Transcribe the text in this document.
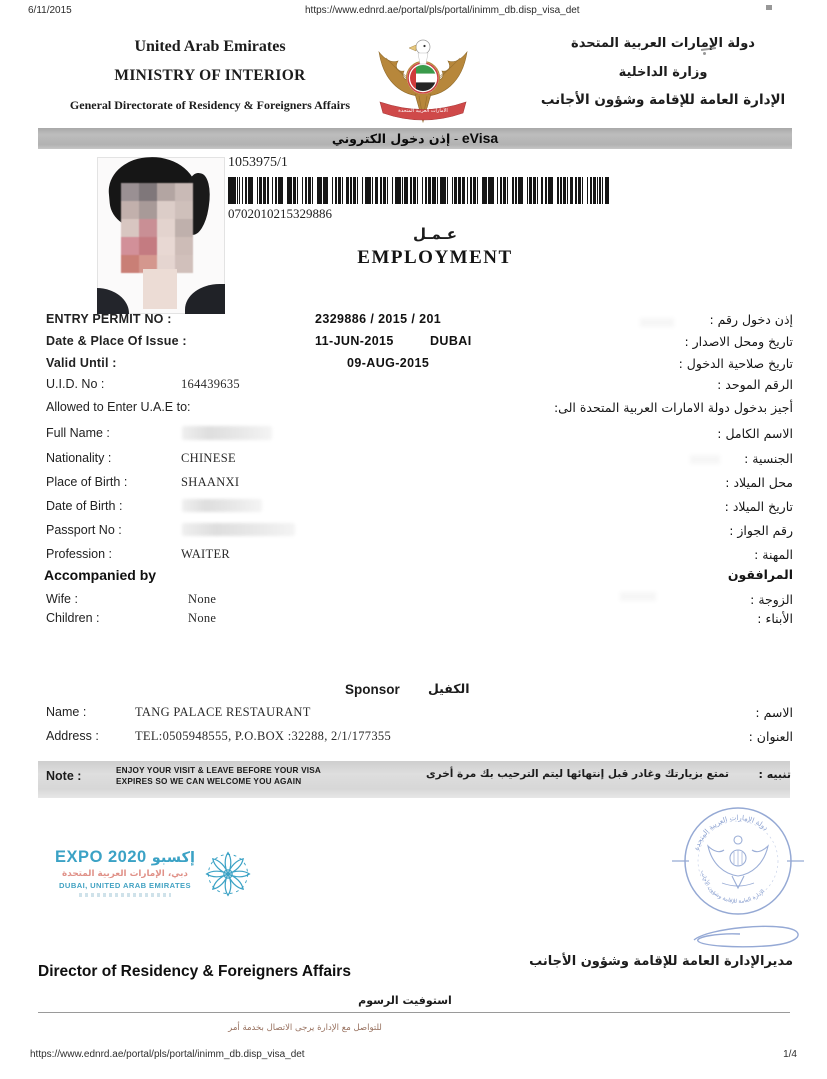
6/11/2015	https://www.ednrd.ae/portal/pls/portal/inimm_db.disp_visa_det
United Arab Emirates
MINISTRY OF INTERIOR
General Directorate of Residency & Foreigners Affairs
دولة الإمارات العربية المتحدة
وزارة الداخلية
الإدارة العامة للإقامة وشؤون الأجانب
الامارات العربية المتحدة
إذن دخول الكتروني - eVisa
1053975/1
0702010215329886
عـمـل
EMPLOYMENT
ENTRY PERMIT NO :	2329886 / 2015 / 201	إذن دخول رقم :
Date & Place Of Issue :	11-JUN-2015	DUBAI	تاريخ ومحل الاصدار :
Valid Until :	09-AUG-2015	تاريخ صلاحية الدخول :
U.I.D. No :	164439635	الرقم الموحد :
Allowed to Enter U.A.E to:	أجيز بدخول دولة الامارات العربية المتحدة الى:
Full Name :	الاسم الكامل :
Nationality :	CHINESE	الجنسية :
Place of Birth :	SHAANXI	محل الميلاد :
Date of Birth :	تاريخ الميلاد :
Passport No :	رقم الجواز :
Profession :	WAITER	المهنة :
Accompanied by	المرافقون
Wife :	None	الزوجة :
Children :	None	الأبناء :
Sponsor الكفيل
Name :	TANG PALACE RESTAURANT	الاسم :
Address :	TEL:0505948555, P.O.BOX :32288, 2/1/177355	العنوان :
Note :	ENJOY YOUR VISIT & LEAVE BEFORE YOUR VISA
EXPIRES SO WE CAN WELCOME YOU AGAIN
تمتع بزيارتك وغادر قبل إنتهائها ليتم الترحيب بك مرة أخرى	تنبيه :
EXPO 2020 إكسبو
دبي، الإمارات العربية المتحدة
DUBAI, UNITED ARAB EMIRATES
دولة الإمارات العربية المتحدة
الإدارة العامة للإقامة وشؤون الأجانب
Director of Residency & Foreigners Affairs
مديرالإدارة العامة للإقامة وشؤون الأجانب
استوفيت الرسوم
للتواصل مع الإدارة يرجى الاتصال بخدمة أمر
https://www.ednrd.ae/portal/pls/portal/inimm_db.disp_visa_det	1/4
